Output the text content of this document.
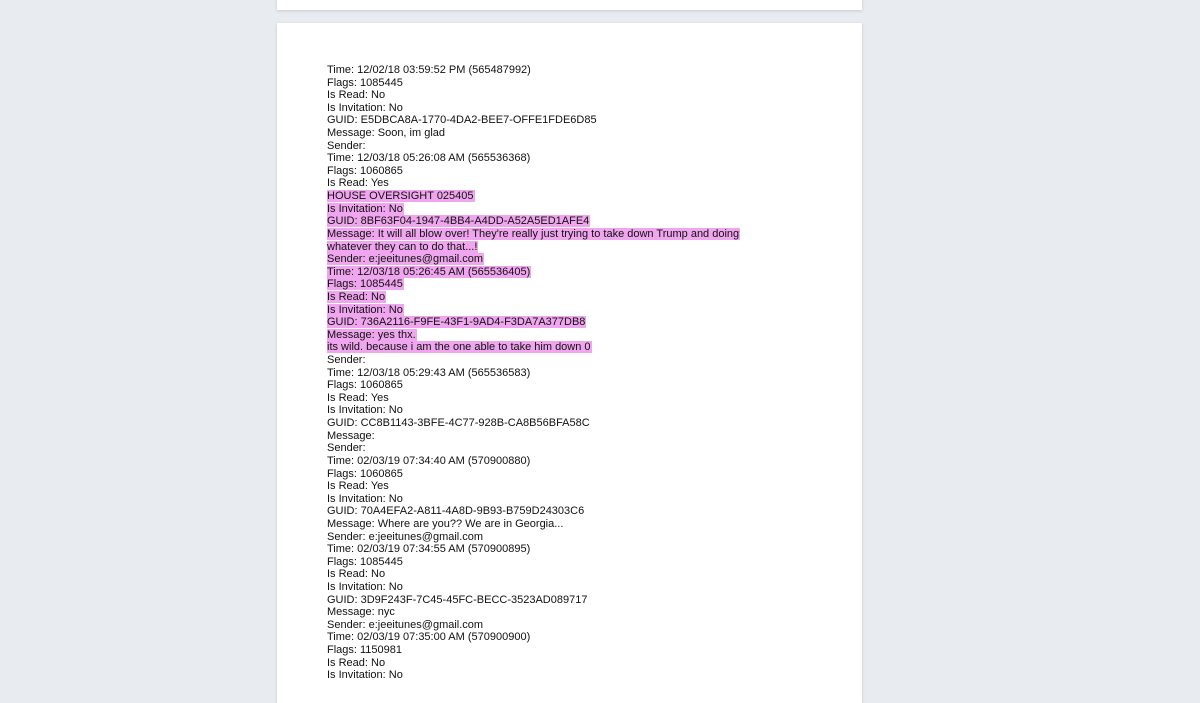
Time: 12/02/18 03:59:52 PM (565487992)
Flags: 1085445
Is Read: No
Is Invitation: No
GUID: E5DBCA8A-1770-4DA2-BEE7-OFFE1FDE6D85
Message: Soon, im glad
Sender:
Time: 12/03/18 05:26:08 AM (565536368)
Flags: 1060865
Is Read: Yes
HOUSE OVERSIGHT 025405
Is Invitation: No
GUID: 8BF63F04-1947-4BB4-A4DD-A52A5ED1AFE4
Message: It will all blow over! They're really just trying to take down Trump and doing
whatever they can to do that...!
Sender: e:jeeitunes@gmail.com
Time: 12/03/18 05:26:45 AM (565536405)
Flags: 1085445
Is Read: No
Is Invitation: No
GUID: 736A2116-F9FE-43F1-9AD4-F3DA7A377DB8
Message: yes thx.
its wild. because i am the one able to take him down 0
Sender:
Time: 12/03/18 05:29:43 AM (565536583)
Flags: 1060865
Is Read: Yes
Is Invitation: No
GUID: CC8B1143-3BFE-4C77-928B-CA8B56BFA58C
Message:
Sender:
Time: 02/03/19 07:34:40 AM (570900880)
Flags: 1060865
Is Read: Yes
Is Invitation: No
GUID: 70A4EFA2-A811-4A8D-9B93-B759D24303C6
Message: Where are you?? We are in Georgia...
Sender: e:jeeitunes@gmail.com
Time: 02/03/19 07:34:55 AM (570900895)
Flags: 1085445
Is Read: No
Is Invitation: No
GUID: 3D9F243F-7C45-45FC-BECC-3523AD089717
Message: nyc
Sender: e:jeeitunes@gmail.com
Time: 02/03/19 07:35:00 AM (570900900)
Flags: 1150981
Is Read: No
Is Invitation: No
